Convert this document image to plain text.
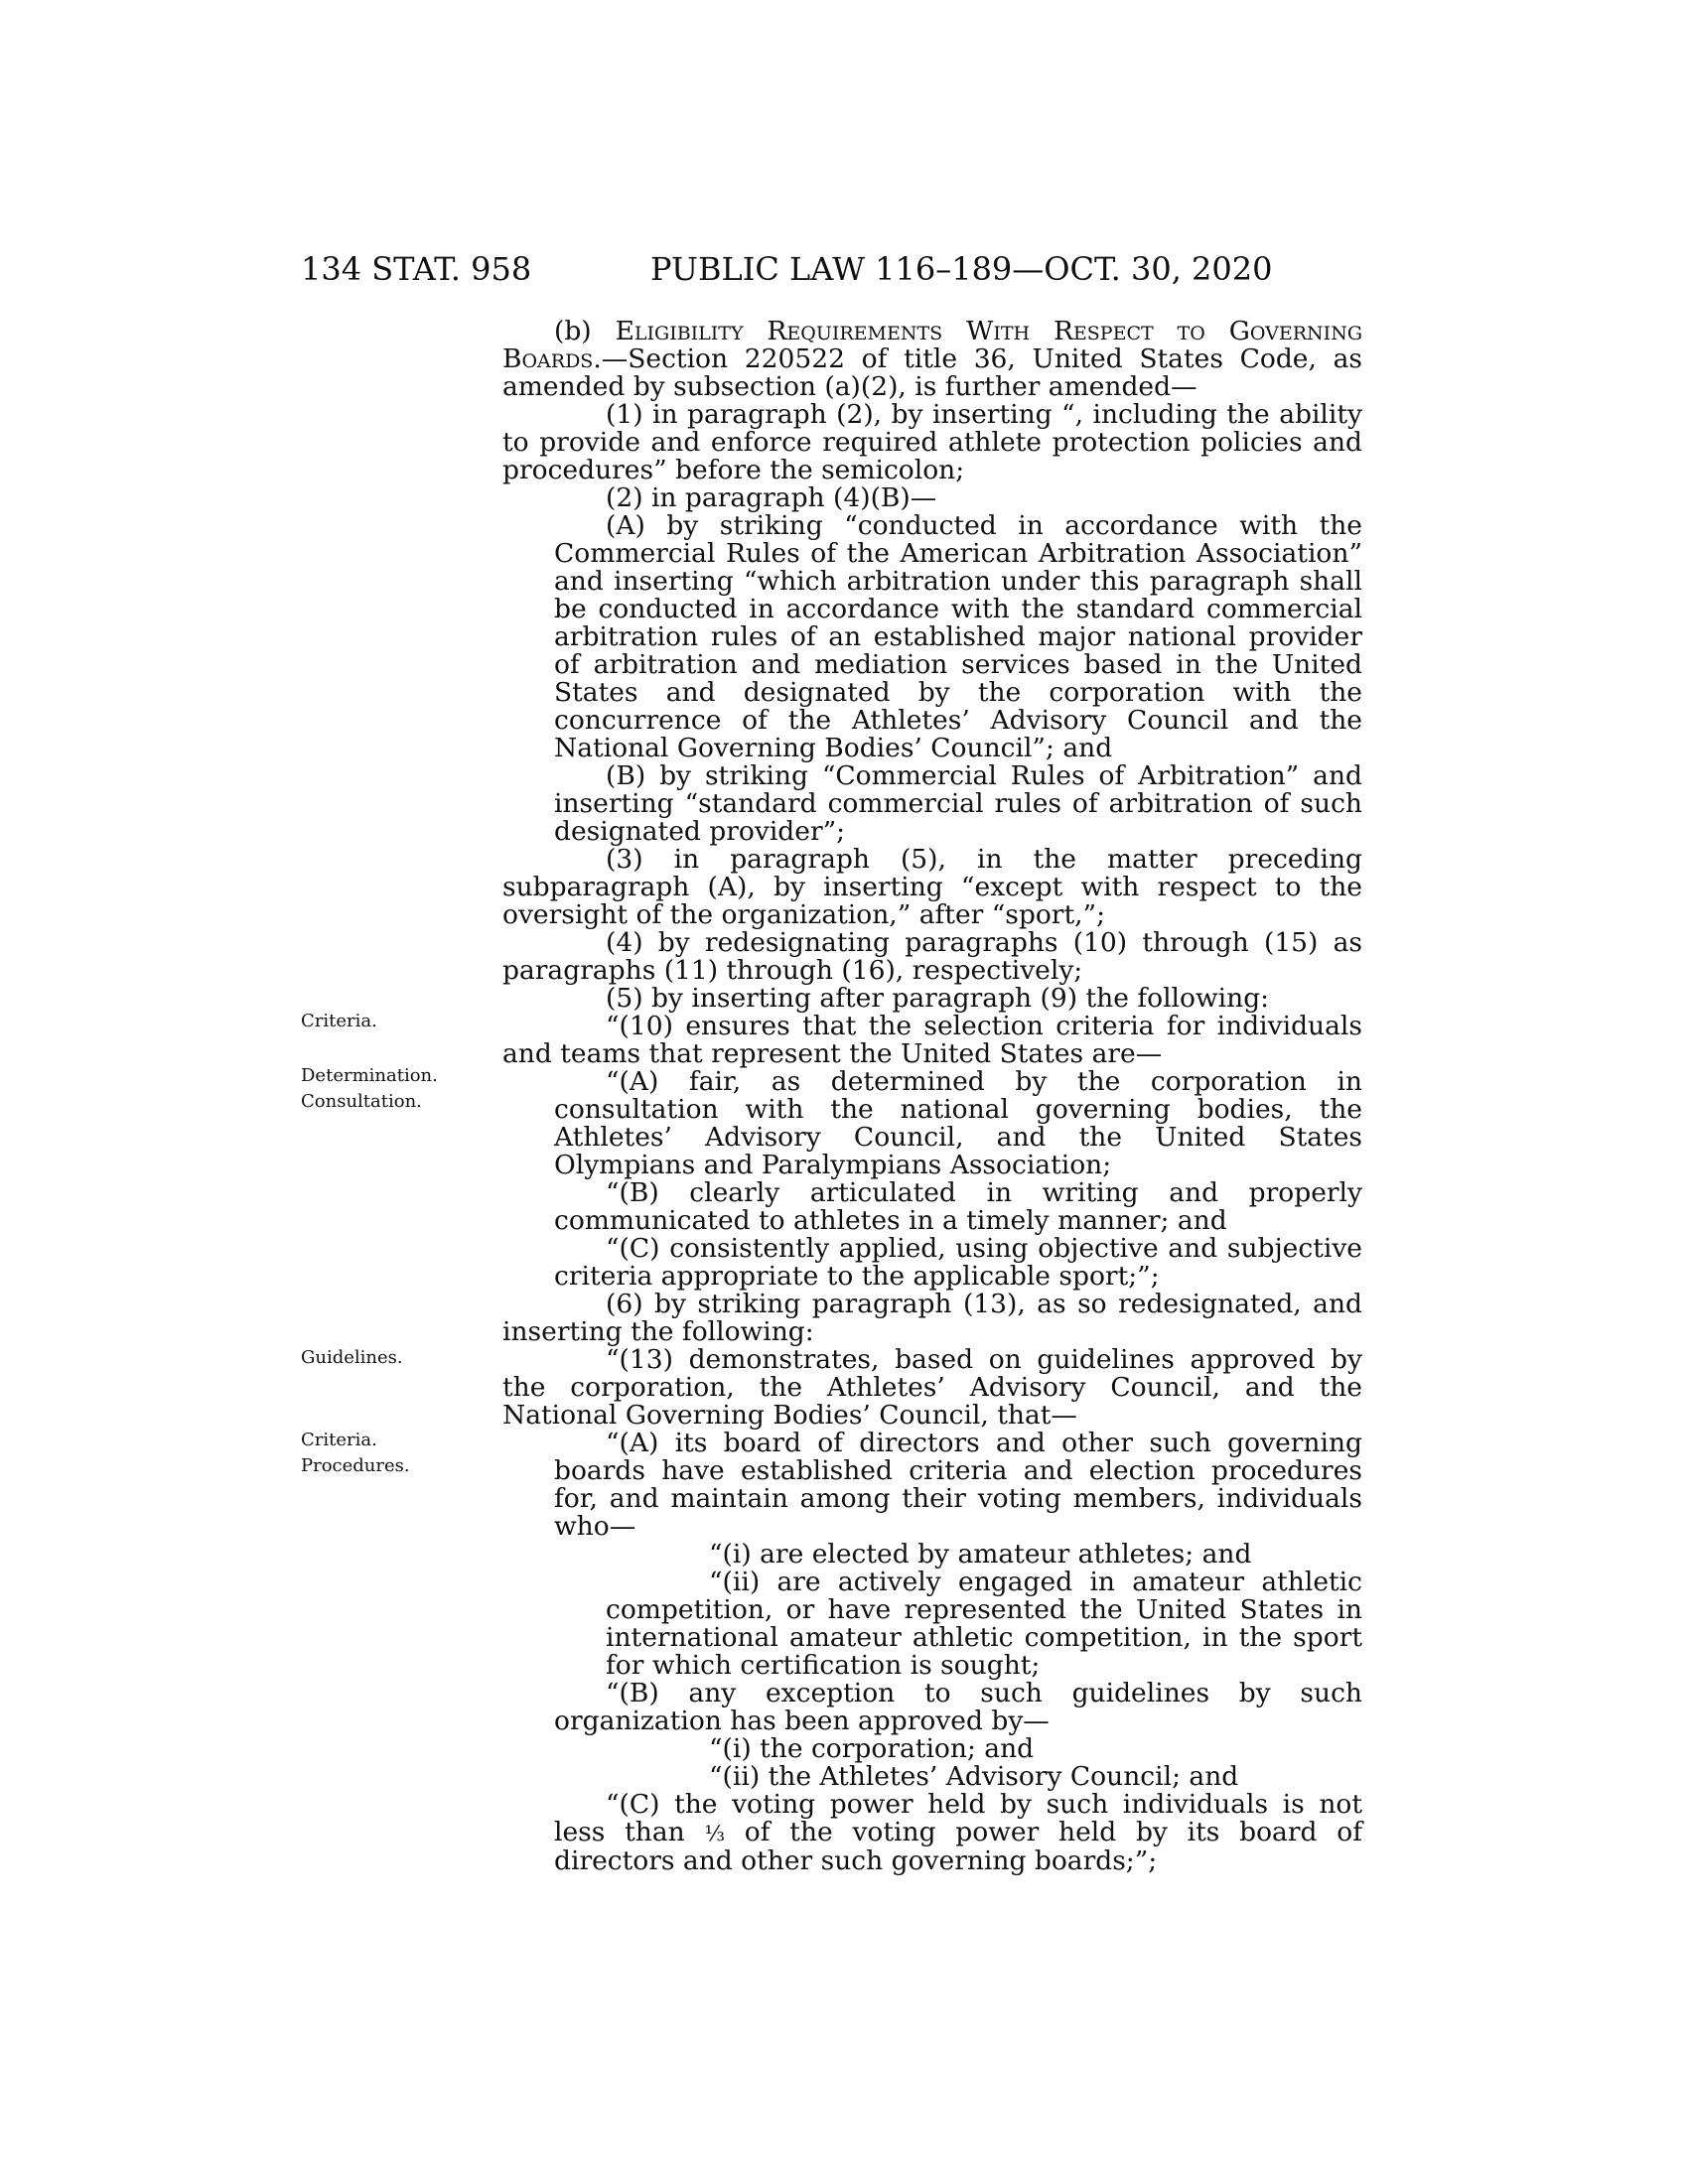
134 STAT. 958	PUBLIC LAW 116–189—OCT. 30, 2020
Criteria.
Determination.
Consultation.
Guidelines.
Criteria.
Procedures.

(b) Eligibility Requirements With Respect to Governing Boards.—Section 220522 of title 36, United States Code, as amended by subsection (a)(2), is further amended—

(1) in paragraph (2), by inserting “, including the ability to provide and enforce required athlete protection policies and procedures” before the semicolon;

(2) in paragraph (4)(B)—

(A) by striking “conducted in accordance with the Commercial Rules of the American Arbitration Association” and inserting “which arbitration under this paragraph shall be conducted in accordance with the standard commercial arbitration rules of an established major national provider of arbitration and mediation services based in the United States and designated by the corporation with the concurrence of the Athletes’ Advisory Council and the National Governing Bodies’ Council”; and

(B) by striking “Commercial Rules of Arbitration” and inserting “standard commercial rules of arbitration of such designated provider”;

(3) in paragraph (5), in the matter preceding subparagraph (A), by inserting “except with respect to the oversight of the organization,” after “sport,”;

(4) by redesignating paragraphs (10) through (15) as paragraphs (11) through (16), respectively;

(5) by inserting after paragraph (9) the following:

“(10) ensures that the selection criteria for individuals and teams that represent the United States are—

“(A) fair, as determined by the corporation in consultation with the national governing bodies, the Athletes’ Advisory Council, and the United States Olympians and Paralympians Association;

“(B) clearly articulated in writing and properly communicated to athletes in a timely manner; and

“(C) consistently applied, using objective and subjective criteria appropriate to the applicable sport;”;

(6) by striking paragraph (13), as so redesignated, and inserting the following:

“(13) demonstrates, based on guidelines approved by the corporation, the Athletes’ Advisory Council, and the National Governing Bodies’ Council, that—

“(A) its board of directors and other such governing boards have established criteria and election procedures for, and maintain among their voting members, individuals who—

“(i) are elected by amateur athletes; and

“(ii) are actively engaged in amateur athletic competition, or have represented the United States in international amateur athletic competition, in the sport for which certification is sought;

“(B) any exception to such guidelines by such organization has been approved by—

“(i) the corporation; and

“(ii) the Athletes’ Advisory Council; and

“(C) the voting power held by such individuals is not less than ⅓ of the voting power held by its board of directors and other such governing boards;”;
